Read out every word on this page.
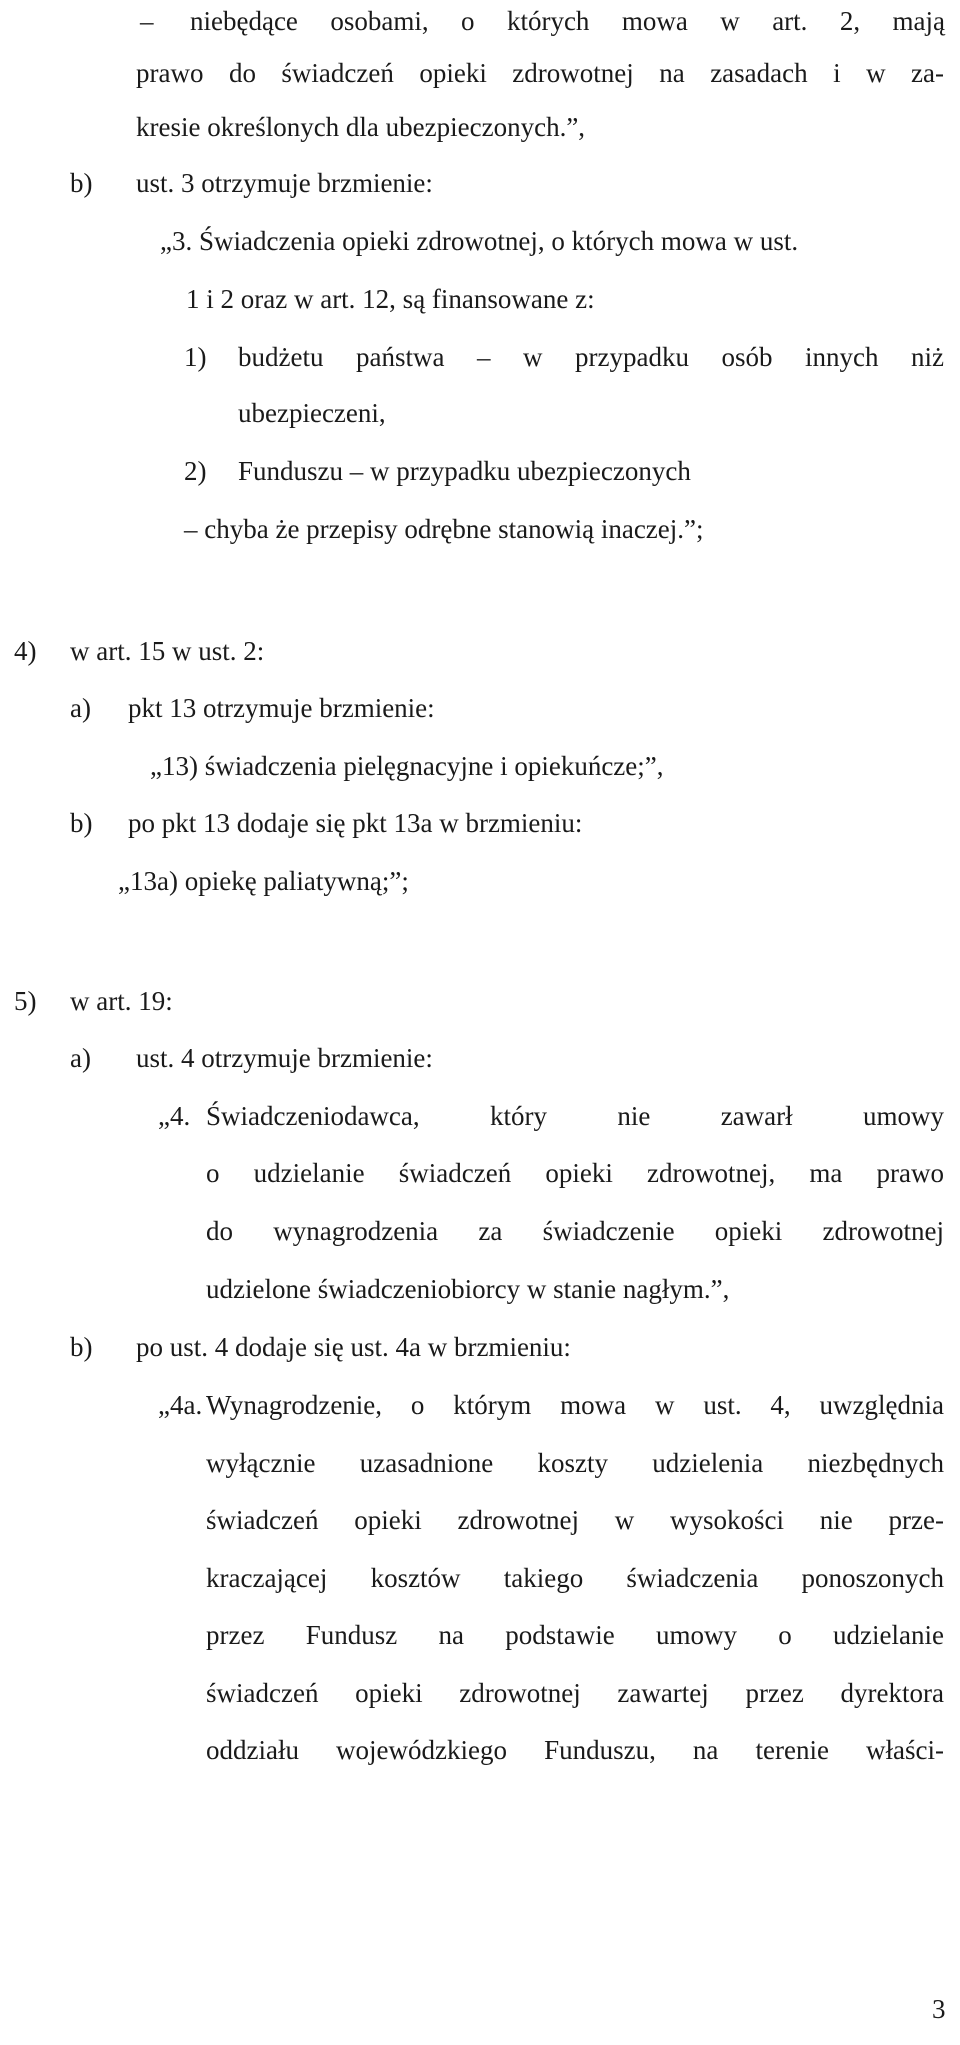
– niebędące osobami, o których mowa w art. 2, mają
prawo do świadczeń opieki zdrowotnej na zasadach i w za-
kresie określonych dla ubezpieczonych.”,
b) ust. 3 otrzymuje brzmienie:
„3. Świadczenia opieki zdrowotnej, o których mowa w ust.
1 i 2 oraz w art. 12, są finansowane z:
1) budżetu państwa – w przypadku osób innych niż
ubezpieczeni,
2) Funduszu – w przypadku ubezpieczonych
– chyba że przepisy odrębne stanowią inaczej.”;
4) w art. 15 w ust. 2:
a) pkt 13 otrzymuje brzmienie:
„13) świadczenia pielęgnacyjne i opiekuńcze;”,
b) po pkt 13 dodaje się pkt 13a w brzmieniu:
„13a) opiekę paliatywną;”;
5) w art. 19:
a) ust. 4 otrzymuje brzmienie:
„4. Świadczeniodawca, który nie zawarł umowy
o udzielanie świadczeń opieki zdrowotnej, ma prawo
do wynagrodzenia za świadczenie opieki zdrowotnej
udzielone świadczeniobiorcy w stanie nagłym.”,
b) po ust. 4 dodaje się ust. 4a w brzmieniu:
„4a. Wynagrodzenie, o którym mowa w ust. 4, uwzględnia
wyłącznie uzasadnione koszty udzielenia niezbędnych
świadczeń opieki zdrowotnej w wysokości nie prze-
kraczającej kosztów takiego świadczenia ponoszonych
przez Fundusz na podstawie umowy o udzielanie
świadczeń opieki zdrowotnej zawartej przez dyrektora
oddziału wojewódzkiego Funduszu, na terenie właści-
3
